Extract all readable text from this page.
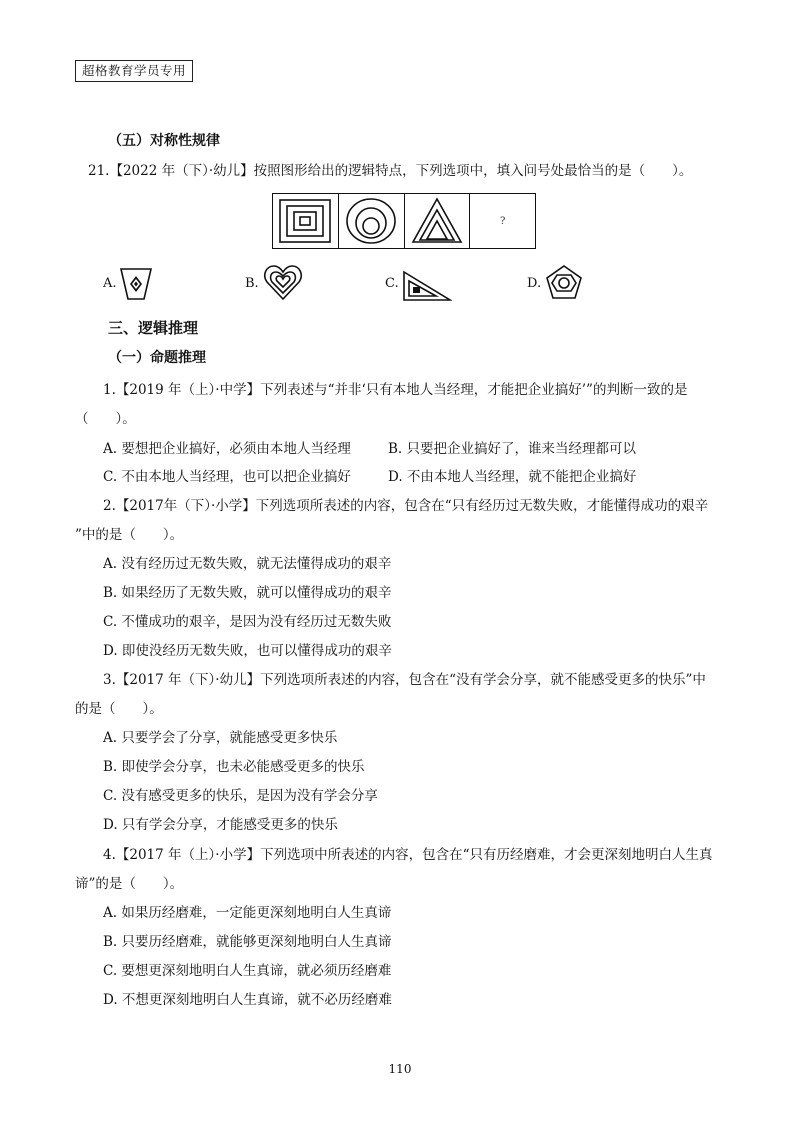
超格教育学员专用
（五）对称性规律
21.【2022 年（下）·幼儿】按照图形给出的逻辑特点，下列选项中，填入问号处最恰当的是（　　）。
?
A.	B.	C.	D.
三、逻辑推理
（一）命题推理
1.【2019 年（上）·中学】下列表述与“并非‘只有本地人当经理，才能把企业搞好’”的判断一致的是
（　　）。
A. 要想把企业搞好，必须由本地人当经理	B. 只要把企业搞好了，谁来当经理都可以
C. 不由本地人当经理，也可以把企业搞好	D. 不由本地人当经理，就不能把企业搞好
2.【2017年（下）·小学】下列选项所表述的内容，包含在“只有经历过无数失败，才能懂得成功的艰辛
”中的是（　　）。
A. 没有经历过无数失败，就无法懂得成功的艰辛
B. 如果经历了无数失败，就可以懂得成功的艰辛
C. 不懂成功的艰辛，是因为没有经历过无数失败
D. 即使没经历无数失败，也可以懂得成功的艰辛
3.【2017 年（下）·幼儿】下列选项所表述的内容，包含在“没有学会分享，就不能感受更多的快乐”中
的是（　　）。
A. 只要学会了分享，就能感受更多快乐
B. 即使学会分享，也未必能感受更多的快乐
C. 没有感受更多的快乐，是因为没有学会分享
D. 只有学会分享，才能感受更多的快乐
4.【2017 年（上）·小学】下列选项中所表述的内容，包含在“只有历经磨难，才会更深刻地明白人生真
谛”的是（　　）。
A. 如果历经磨难，一定能更深刻地明白人生真谛
B. 只要历经磨难，就能够更深刻地明白人生真谛
C. 要想更深刻地明白人生真谛，就必须历经磨难
D. 不想更深刻地明白人生真谛，就不必历经磨难
110
